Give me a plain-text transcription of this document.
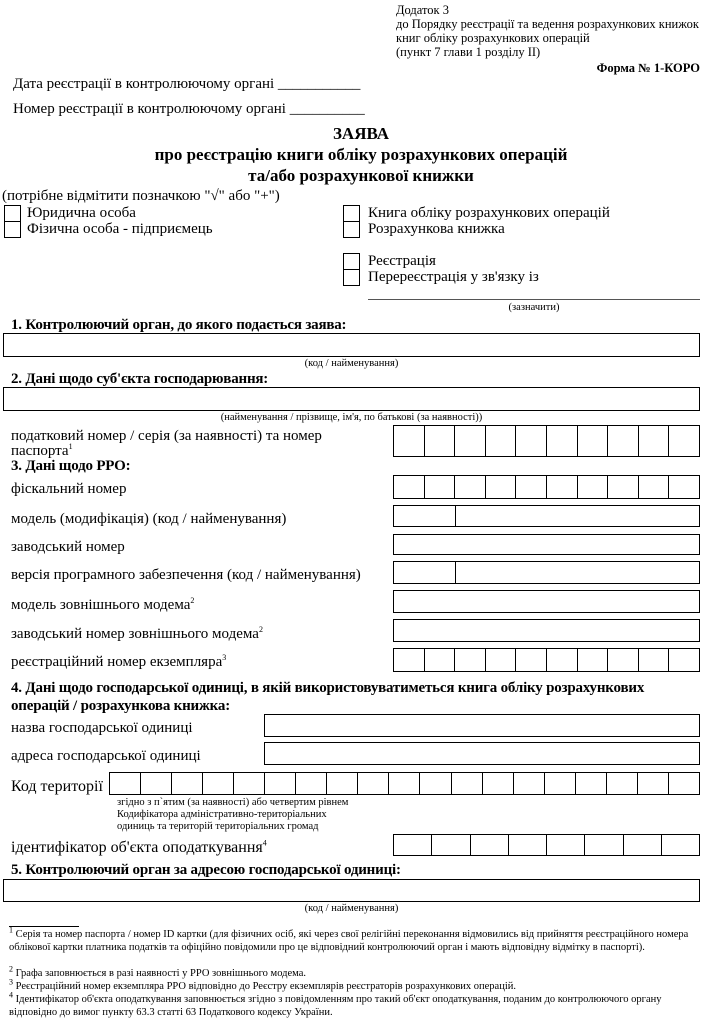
Додаток 3
до Порядку реєстрації та ведення розрахункових книжок
книг обліку розрахункових операцій
(пункт 7 глави 1 розділу ІІ)
Форма № 1-КОРО
Дата реєстрації в контролюючому органі ___________
Номер реєстрації в контролюючому органі __________
ЗАЯВА
про реєстрацію книги обліку розрахункових операцій
та/або розрахункової книжки
(потрібне відмітити позначкою "√" або "+")
Юридична особа
Фізична особа - підприємець
Книга обліку розрахункових операцій
Розрахункова книжка
Реєстрація
Перереєстрація у зв'язку із
(зазначити)
1. Контролюючий орган, до якого подається заява:
(код / найменування)
2. Дані щодо суб'єкта господарювання:
(найменування / прізвище, ім'я, по батькові (за наявності))
податковий номер / серія (за наявності) та номер
паспорта$^1$
3. Дані щодо РРО:
фіскальний номер
модель (модифікація) (код / найменування)
заводський номер
версія програмного забезпечення (код / найменування)
модель зовнішнього модема$^2$
заводський номер зовнішнього модема$^2$
реєстраційний номер екземпляра$^3$
4. Дані щодо господарської одиниці, в якій використовуватиметься книга обліку розрахункових
операцій / розрахункова книжка:
назва господарської одиниці
адреса господарської одиниці
Код території
згідно з п`ятим (за наявності) або четвертим рівнем
Кодифікатора адміністративно-територіальних
одиниць та територій територіальних громад
ідентифікатор об'єкта оподаткування$^4$
5. Контролюючий орган за адресою господарської одиниці:
(код / найменування)
$^1$ Серія та номер паспорта / номер ID картки (для фізичних осіб, які через свої релігійні переконання відмовились від прийняття реєстраційного номера облікової картки платника податків та офіційно повідомили про це відповідний контролюючий орган і мають відповідну відмітку в паспорті).
$^2$ Графа заповнюється в разі наявності у РРО зовнішнього модема.
$^3$ Реєстраційний номер екземпляра РРО відповідно до Реєстру екземплярів реєстраторів розрахункових операцій.
$^4$ Ідентифікатор об'єкта оподаткування заповнюється згідно з повідомленням про такий об'єкт оподаткування, поданим до контролюючого органу відповідно до вимог пункту 63.3 статті 63 Податкового кодексу України.
